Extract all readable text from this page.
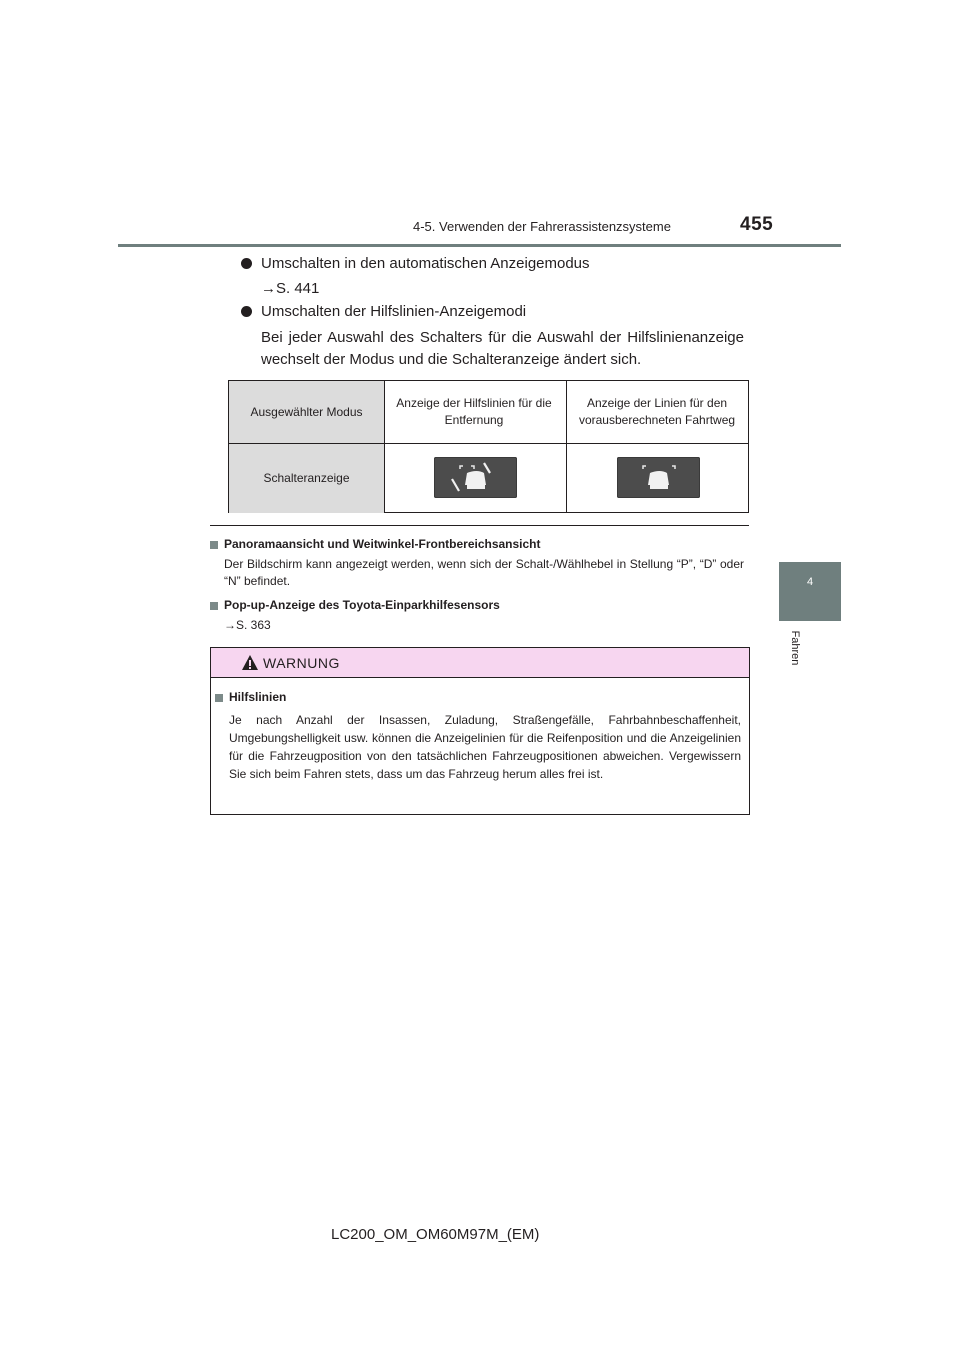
4-5. Verwenden der Fahrerassistenzsysteme	455
4
Fahren
Umschalten in den automatischen Anzeigemodus
→S. 441
Umschalten der Hilfslinien-Anzeigemodi
Bei jeder Auswahl des Schalters für die Auswahl der Hilfslinienanzeige wechselt der Modus und die Schalteranzeige ändert sich.
Ausgewählter Modus
Schalteranzeige
Anzeige der Hilfslinien für die Entfernung
Anzeige der Linien für den vorausberechneten Fahrtweg
Panoramaansicht und Weitwinkel-Frontbereichsansicht
Der Bildschirm kann angezeigt werden, wenn sich der Schalt-/Wählhebel in Stellung “P”, “D” oder “N” befindet.
Pop-up-Anzeige des Toyota-Einparkhilfesensors
→S. 363
WARNUNG
Hilfslinien
Je nach Anzahl der Insassen, Zuladung, Straßengefälle, Fahrbahnbeschaffenheit, Umgebungshelligkeit usw. können die Anzeigelinien für die Reifenposition und die Anzeigelinien für die Fahrzeugposition von den tatsächlichen Fahrzeugpositionen abweichen. Vergewissern Sie sich beim Fahren stets, dass um das Fahrzeug herum alles frei ist.
LC200_OM_OM60M97M_(EM)
